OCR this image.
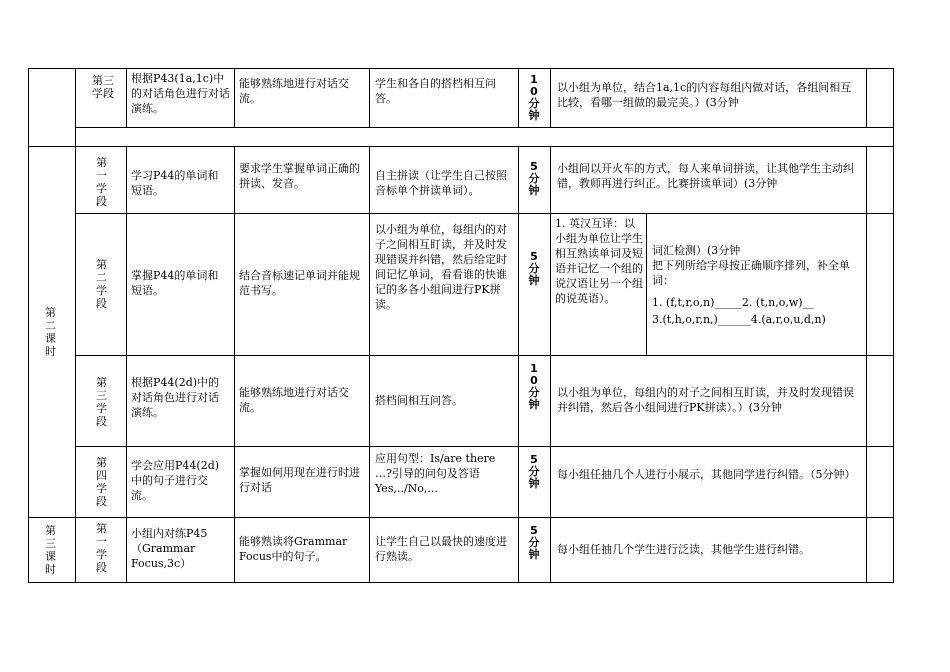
第三学段
根据P43(1a,1c)中的对话角色进行对话演练。
能够熟练地进行对话交流。
学生和各自的搭档相互问答。
10分钟
以小组为单位，结合1a,1c的内容每组内做对话，各组间相互比较，看哪一组做的最完美。）(3分钟
第二课时
第一学段
学习P44的单词和短语。
要求学生掌握单词正确的拼读、发音。
自主拼读（让学生自己按照音标单个拼读单词）。
5分钟
小组间以开火车的方式，每人来单词拼读，让其他学生主动纠错，教师再进行纠正。比赛拼读单词）(3分钟
第二学段
掌握P44的单词和短语。
结合音标速记单词并能规范书写。
以小组为单位，每组内的对子之间相互盯读，并及时发现错误并纠错，然后给定时间记忆单词，看看谁的快谁记的多各小组间进行PK拼读。
5分钟
1. 英汉互译：以小组为单位让学生相互熟读单词及短语并记忆一个组的说汉语让另一个组的说英语）。
词汇检测）(3分钟
把下列所给字母按正确顺序排列，补全单词：
1. (f,t,r,o,n)_____2. (t,n,o,w)__
3.(t,h,o,r,n,)______4.(a,r,o,u,d,n)
第三学段
根据P44(2d)中的对话角色进行对话演练。
能够熟练地进行对话交流。
搭档间相互问答。
10分钟
以小组为单位，每组内的对子之间相互盯读，并及时发现错误并纠错，然后各小组间进行PK拼读）。）(3分钟
第四学段
学会应用P44(2d)中的句子进行交流。
掌握如何用现在进行时进行对话
应用句型：Is/are there …?引导的问句及答语Yes,../No,...
5分钟
每小组任抽几个人进行小展示，其他同学进行纠错。（5分钟）
第三课时
第一学段
小组内对练P45（Grammar Focus,3c）
能够熟读将Grammar Focus中的句子。
让学生自己以最快的速度进行熟读。
5分钟 每小组任抽几个学生进行泛读，其他学生进行纠错。
